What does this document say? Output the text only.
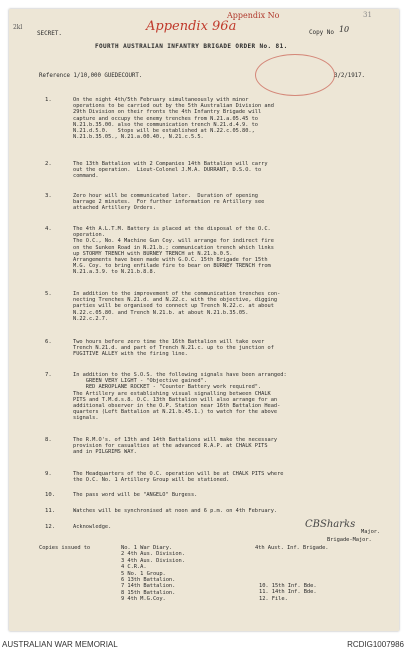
Appendix No	31
Appendix 96a
2kl
SECRET.	Copy No 10
FOURTH AUSTRALIAN INFANTRY BRIGADE ORDER No. 81.
Reference 1/10,000 GUEDECOURT.	3/2/1917.
1.	On the night 4th/5th February simultaneously with minor
operations to be carried out by the 5th Australian Division and
29th Division on their fronts the 4th Infantry Brigade will
capture and occupy the enemy trenches from N.21.a.05.45 to
N.21.b.35.00. also the communication trench N.21.d.4.9. to
N.21.d.5.0.   Stops will be established at N.22.c.05.80.,
N.21.b.35.05., N.21.a.00.40., N.21.c.5.5.
2.	The 13th Battalion with 2 Companies 14th Battalion will carry
out the operation.  Lieut-Colonel J.M.A. DURRANT, D.S.O. to
command.
3.	Zero hour will be communicated later.  Duration of opening
barrage 2 minutes.  For further information re Artillery see
attached Artillery Orders.
4.	The 4th A.L.T.M. Battery is placed at the disposal of the O.C.
operation.
The O.C., No. 4 Machine Gun Coy. will arrange for indirect fire
on the Sunken Road in N.21.b.; communication trench which links
up STORMY TRENCH with BURNEY TRENCH at N.21.b.0.5.
Arrangements have been made with G.O.C. 15th Brigade for 15th
M.G. Coy. to bring enfilade fire to bear on BURNEY TRENCH from
N.21.a.3.9. to N.21.b.8.8.
5.	In addition to the improvement of the communication trenches con-
necting Trenches N.21.d. and N.22.c. with the objective, digging
parties will be organised to connect up Trench N.22.c. at about
N.22.c.05.80. and Trench N.21.b. at about N.21.b.35.05.
N.22.c.2.7.
6.	Two hours before zero time the 16th Battalion will take over
Trench N.21.d. and part of Trench N.21.c. up to the junction of
FUGITIVE ALLEY with the firing line.
7.	In addition to the S.O.S. the following signals have been arranged:
GREEN VERY LIGHT - "Objective gained".
RED AEROPLANE ROCKET - "Counter Battery work required".
The Artillery are establishing visual signalling between CHALK
PITS and T.M.d.s.8. O.C. 13th Battalion will also arrange for an
additional observer in the O.P. Station near 16th Battalion Head-
quarters (Left Battalion at N.21.b.45.1.) to watch for the above
signals.
8.	The R.M.O's. of 13th and 14th Battalions will make the necessary
provision for casualties at the advanced R.A.P. at CHALK PITS
and in PILGRIMS WAY.
9.	The Headquarters of the O.C. operation will be at CHALK PITS where
the O.C. No. 1 Artillery Group will be stationed.
10.	The pass word will be "ANGELO" Burgess.
11.	Watches will be synchronised at noon and 6 p.m. on 4th February.
12.	Acknowledge.	CBSharks
Major.
Brigade-Major.
4th Aust. Inf. Brigade.
Copies issued to	No. 1 War Diary.
2 4th Aus. Division.
3 4th Aus. Division.
4 C.R.A.
5 No. 1 Group.
6 13th Battalion.
7 14th Battalion.
8 15th Battalion.
9 4th M.G.Coy.
10. 15th Inf. Bde.
11. 14th Inf. Bde.
12. File.
AUSTRALIAN WAR MEMORIAL	RCDIG1007986
